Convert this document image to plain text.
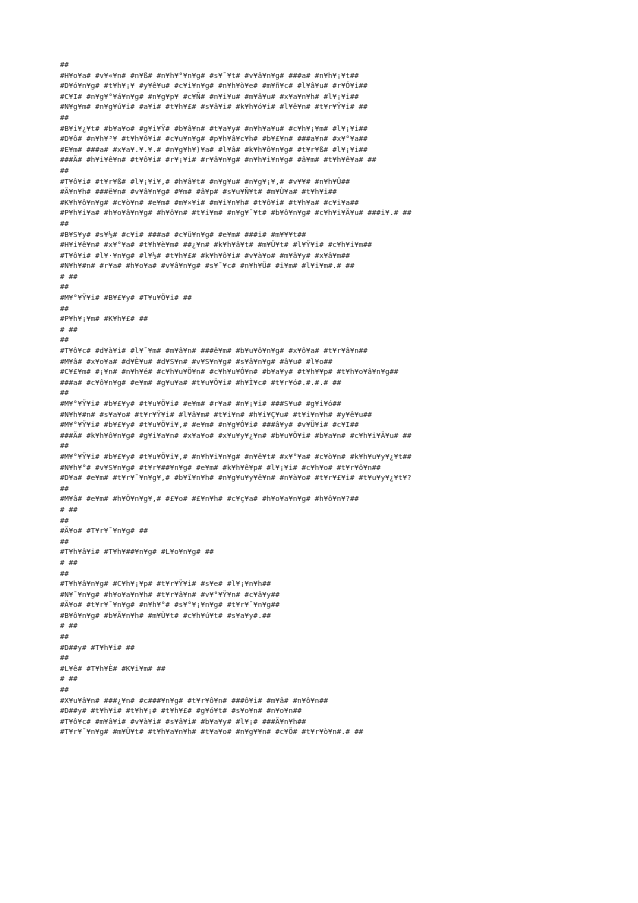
##
#H¥o¥a# #v¥«¥n# #n¥ß# #n¥h¥°¥n¥g# #s¥¯¥t# #v¥â¥n¥g# ###a# #n¥h¥¡¥t##
#D¥ó¥n¥g# #t¥h¥¡¥ #y¥ê¥u# #c¥i¥n¥g# #n¥h¥ò¥e# #m¥ñ¥c# #l¥â¥u# #r¥Ó¥i##
#C¥I# #n¥g¥°¥á¥n¥g# #n¥g¥p¥ #c¥Ñ# #n¥i¥u# #m¥â¥u# #x¥a¥n¥h# #l¥¡¥i##
#N¥g¥m# #n¥g¥ú¥i# #a¥i# #t¥h¥£# #s¥â¥i# #k¥h¥ó¥i# #l¥ê¥n# #t¥r¥Ÿ¥i# ##
##
#B¥i¥¿¥t# #b¥a¥o# #g¥i¥Ÿ# #b¥â¥n# #t¥a¥y# #n¥h¥a¥u# #c¥h¥¡¥m# #l¥¡¥i##
#D¥ô# #n¥h¥³¥ #t¥h¥ô¥i# #c¥u¥n¥g# #p¥h¥â¥c¥h# #b¥£¥n# ###a¥n# #x¥°¥a##
#E¥m# ###a# #x¥a¥.¥.¥.# #n¥g¥h¥)¥a# #l¥â# #k¥h¥ô¥n¥g# #t¥r¥ß# #l¥¡¥i##
###Ä# #h¥i¥ê¥n# #t¥ô¥i# #r¥¡¥i# #r¥â¥n¥g# #n¥h¥i¥n¥g# #â¥m# #t¥h¥ê¥a# ##
##
#T¥ô¥i# #t¥r¥ß# #l¥¡¥i¥,# #h¥â¥t# #n¥g¥u# #n¥g¥¡¥,# #v¥¥# #n¥h¥Û##
#Ä¥n¥h# ###ë¥n# #v¥â¥n¥g# #¥m# #â¥p# #s¥u¥Ñ¥t# #m¥Ù¥a# #t¥h¥i##
#K¥h¥ô¥n¥g# #c¥ò¥n# #e¥m# #m¥×¥i# #m¥i¥n¥h# #t¥ô¥i# #t¥h¥a# #c¥i¥a##
#P¥h¥i¥a# #h¥o¥â¥n¥g# #h¥ô¥n# #t¥i¥m# #n¥g¥¯¥t# #b¥ô¥n¥g# #c¥h¥i¥Ä¥u# ###i¥.# ##
##
#B¥S¥y# #s¥½# #c¥i# ###a# #c¥ü¥n¥g# #e¥m# ###i# #m¥¥¥t##
#H¥i¥ê¥n# #x¥°¥a# #t¥h¥è¥m# ##¿¥n# #k¥h¥â¥t# #m¥Ü¥t# #l¥Ÿ¥i# #c¥h¥i¥m##
#T¥ô¥i# #l¥·¥n¥g# #l¥½# #t¥h¥£# #k¥h¥ô¥i# #v¥à¥o# #m¥â¥y# #x¥â¥m##
#N¥h¥#n# #r¥a# #h¥o¥a# #v¥â¥n¥g# #s¥¯¥c# #n¥h¥Ü# #i¥m# #l¥i¥m#.# ##
# ##
##
#M¥°¥Ÿ¥i# #B¥£¥y# #T¥u¥Ö¥i# ##
##
#P¥h¥¡¥m# #K¥h¥£# ##
# ##
##
#T¥ô¥c# #d¥à¥i# #l¥¯¥m# #m¥â¥n# ###ê¥m# #b¥u¥ô¥n¥g# #x¥ô¥a# #t¥r¥â¥n##
#M¥â# #x¥o¥a# #d¥È¥u# #d¥S¥n# #v¥S¥n¥g# #s¥â¥n¥g# #â¥u# #l¥o##
#C¥£¥m# #¡¥n# #n¥h¥é# #c¥h¥u¥Ö¥n# #c¥h¥u¥Ó¥n# #b¥a¥y# #t¥h¥¥p# #t¥h¥o¥â¥n¥g##
###a# #c¥ô¥n¥g# #e¥m# #g¥u¥a# #t¥u¥Ö¥i# #h¥Ì¥c# #t¥r¥ó#.#.#.# ##
##
#M¥°¥Ÿ¥i# #b¥£¥y# #t¥u¥Ö¥i# #e¥m# #r¥a# #n¥¡¥i# ###S¥u# #g¥i¥ó##
#N¥h¥#n# #s¥a¥o# #t¥r¥Ÿ¥i# #l¥â¥m# #t¥i¥n# #h¥i¥Ç¥u# #t¥i¥n¥h# #y¥ê¥u##
#M¥°¥Ÿ¥i# #b¥£¥y# #t¥u¥Ö¥i¥,# #e¥m# #n¥g¥Ó¥i# ###â¥y# #v¥Ü¥i# #c¥I##
###Ä# #k¥h¥ô¥n¥g# #g¥i¥a¥n# #x¥a¥o# #x¥u¥y¥¿¥n# #b¥u¥Ö¥i# #b¥a¥n# #c¥h¥i¥Ä¥u# ##
##
#M¥°¥Ÿ¥i# #b¥£¥y# #t¥u¥Ö¥i¥,# #n¥h¥i¥n¥g# #n¥ê¥t# #x¥°¥a# #c¥ò¥n# #k¥h¥u¥y¥¿¥t##
#N¥h¥°# #v¥S¥n¥g# #t¥r¥##¥n¥g# #e¥m# #k¥h¥ê¥p# #l¥¡¥i# #c¥h¥o# #t¥r¥ô¥n##
#D¥a# #e¥m# #t¥r¥¯¥n¥g¥,# #b¥ï¥n¥h# #n¥g¥u¥y¥ê¥n# #n¥à¥o# #t¥r¥£¥i# #t¥u¥y¥¿¥t¥?
##
#M¥â# #e¥m# #h¥Ö¥n¥g¥,# #£¥o# #£¥n¥h# #c¥ç¥a# #h¥o¥a¥n¥g# #h¥ô¥n¥?##
# ##
##
#Ä¥o# #T¥r¥¯¥n¥g# ##
##
#T¥h¥â¥i# #T¥h¥##¥n¥g# #L¥o¥n¥g# ##
# ##
##
#T¥h¥â¥n¥g# #C¥h¥¡¥p# #t¥r¥Ÿ¥i# #s¥e# #l¥¡¥n¥h##
#N¥¯¥n¥g# #h¥o¥a¥n¥h# #t¥r¥â¥n# #v¥°¥Ÿ¥n# #c¥â¥y##
#Ä¥o# #t¥r¥¯¥n¥g# #n¥h¥°# #s¥°¥¡¥n¥g# #t¥r¥¯¥n¥g##
#B¥ô¥n¥g# #b¥Ä¥n¥h# #m¥Ù¥t# #c¥h¥ú¥t# #s¥a¥y#.##
# ##
##
#D##y# #T¥h¥i# ##
##
#L¥ê# #T¥h¥È# #K¥i¥m# ##
# ##
##
#X¥u¥â¥n# ###¿¥n# #c###¥n¥g# #t¥r¥ô¥n# ###ô¥i# #m¥â# #n¥ô¥n##
#D##y# #t¥h¥i# #t¥h¥¡# #t¥h¥£# #g¥ó¥t# #s¥o¥n# #n¥o¥n##
#T¥ô¥c# #m¥â¥i# #v¥à¥i# #s¥â¥i# #b¥a¥y# #l¥¡# ###Ä¥n¥h##
#T¥r¥¯¥n¥g# #m¥Ü¥t# #t¥h¥a¥n¥h# #t¥a¥o# #n¥g¥¥n# #c¥Ö# #t¥r¥ò¥n#.# ##
